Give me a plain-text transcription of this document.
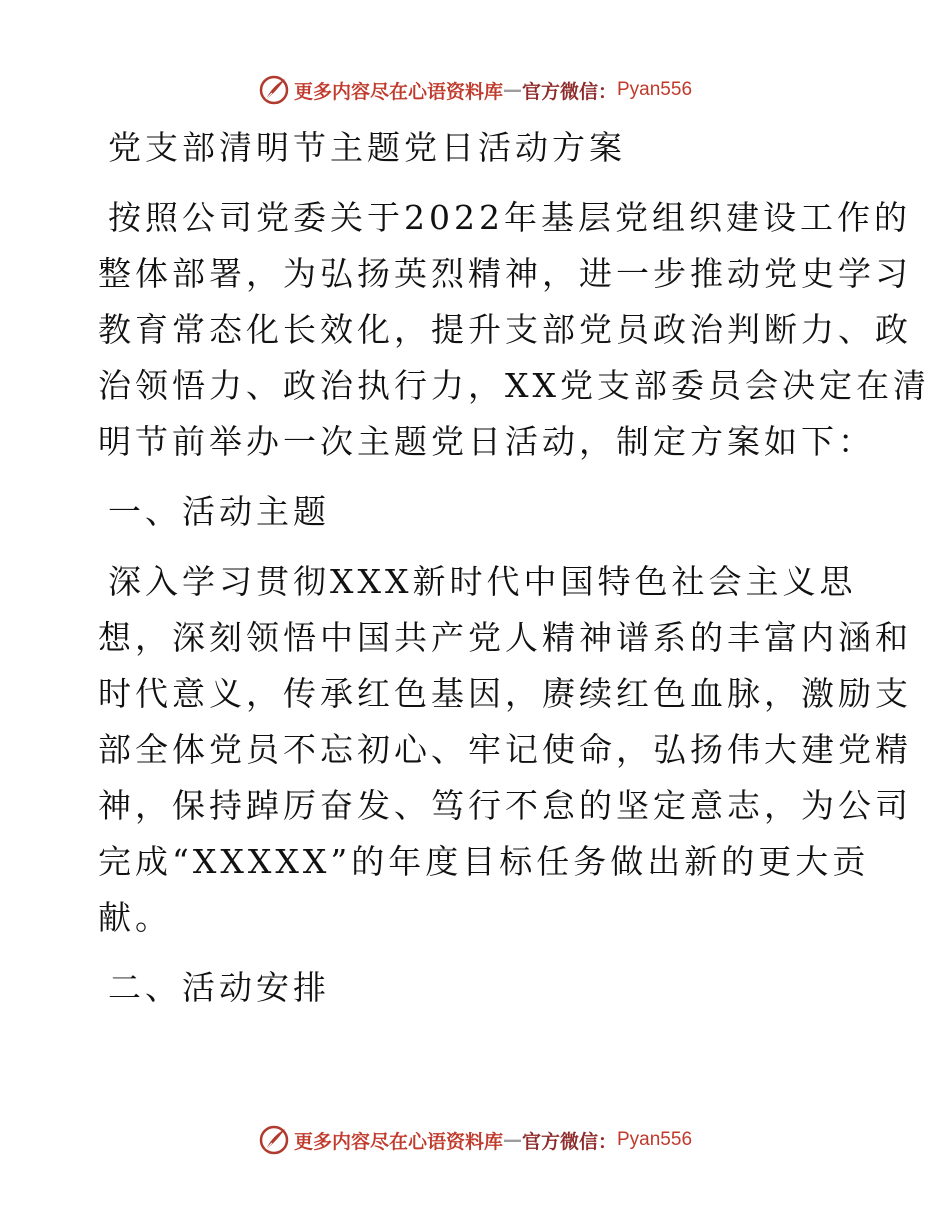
更多内容尽在心语资料库 — 官方微信： Pyan556
党支部清明节主题党日活动方案
按照公司党委关于2022年基层党组织建设工作的
整体部署，为弘扬英烈精神，进一步推动党史学习
教育常态化长效化，提升支部党员政治判断力、政
治领悟力、政治执行力，XX党支部委员会决定在清
明节前举办一次主题党日活动，制定方案如下：
一、活动主题
深入学习贯彻XXX新时代中国特色社会主义思
想，深刻领悟中国共产党人精神谱系的丰富内涵和
时代意义，传承红色基因，赓续红色血脉，激励支
部全体党员不忘初心、牢记使命，弘扬伟大建党精
神，保持踔厉奋发、笃行不怠的坚定意志，为公司
完成“XXXXX”的年度目标任务做出新的更大贡
献。
二、活动安排
更多内容尽在心语资料库 — 官方微信： Pyan556
